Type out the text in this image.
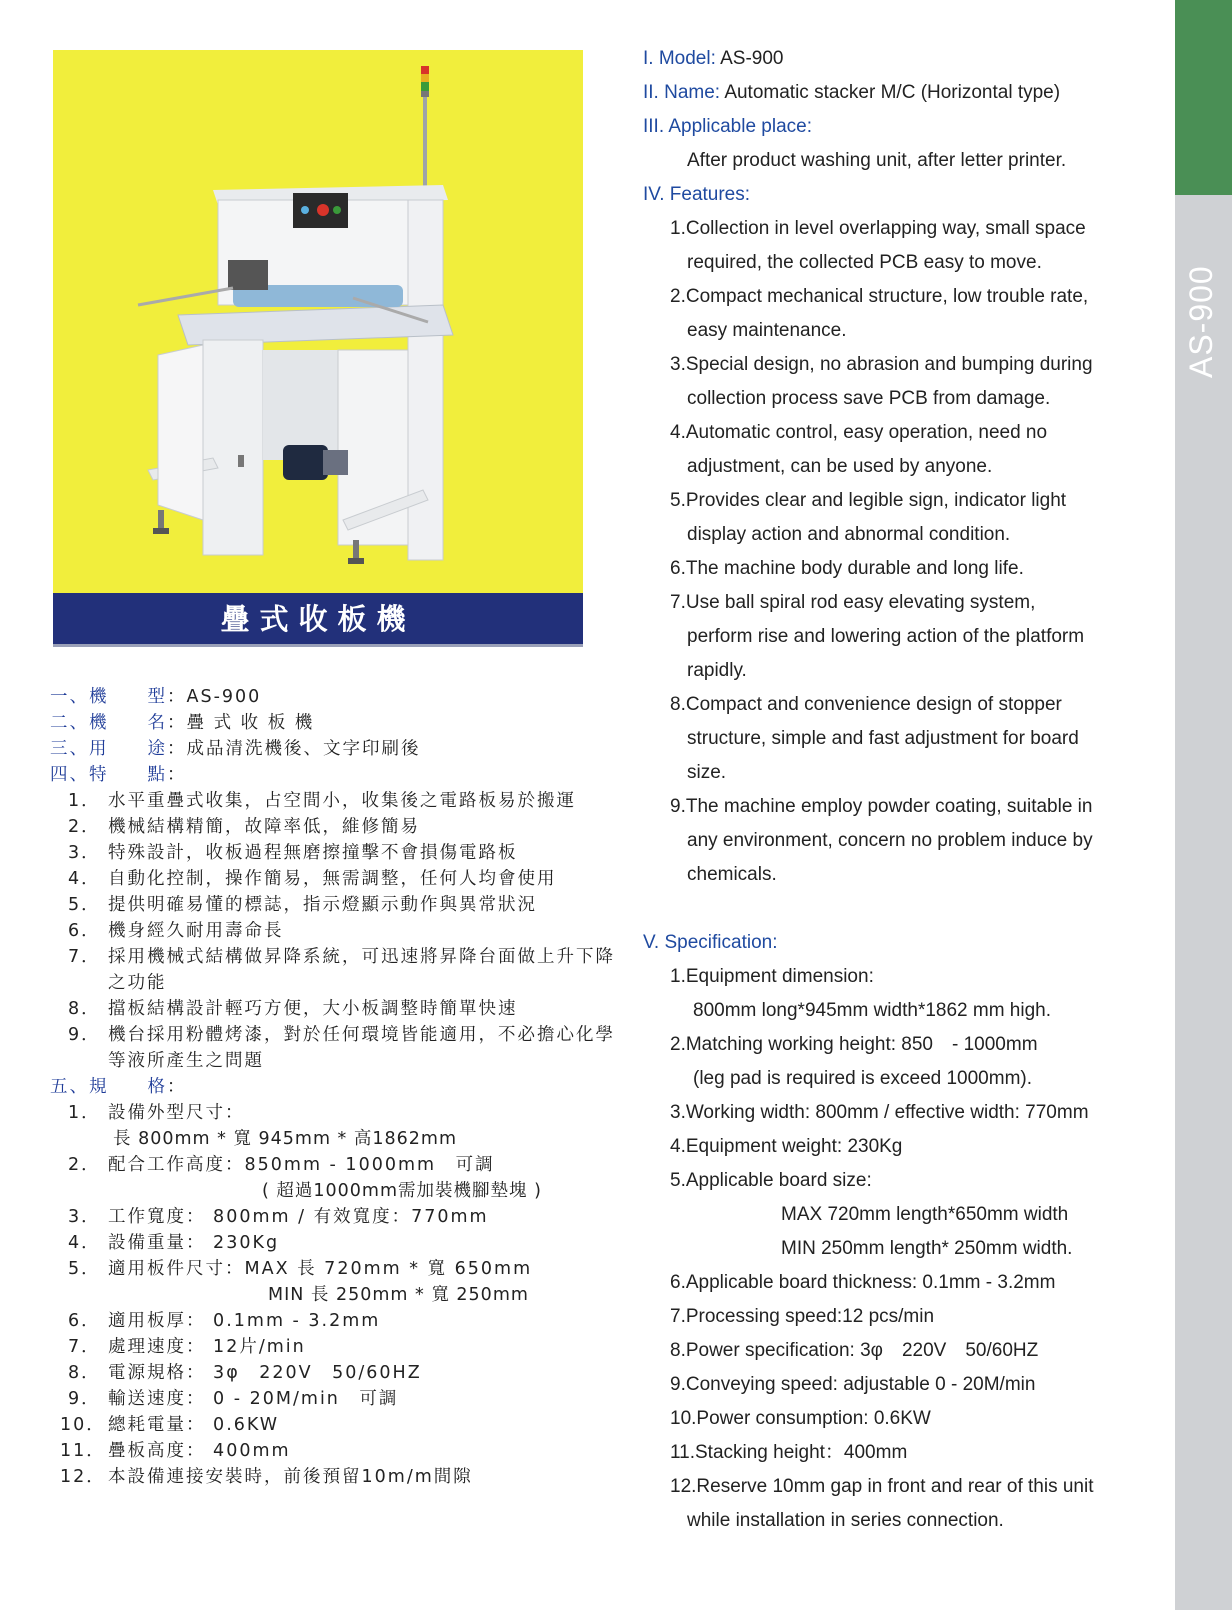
AS-900
疊式收板機
一、機　　型：AS-900
二、機　　名：疊 式 收 板 機
三、用　　途：成品清洗機後、文字印刷後
四、特　　點：
1． 水平重疊式收集，占空間小，收集後之電路板易於搬運
2． 機械結構精簡，故障率低，維修簡易
3． 特殊設計，收板過程無磨擦撞擊不會損傷電路板
4． 自動化控制，操作簡易，無需調整，任何人均會使用
5． 提供明確易懂的標誌，指示燈顯示動作與異常狀況
6． 機身經久耐用壽命長
7． 採用機械式結構做昇降系統，可迅速將昇降台面做上升下降之功能
8． 擋板結構設計輕巧方便，大小板調整時簡單快速
9． 機台採用粉體烤漆，對於任何環境皆能適用，不必擔心化學等液所產生之問題
五、規　　格：
1． 設備外型尺寸：
長 800mm * 寬 945mm * 高1862mm
2． 配合工作高度：850mm - 1000mm　可調
( 超過1000mm需加裝機腳墊塊 )
3． 工作寬度： 800mm / 有效寬度：770mm
4． 設備重量： 230Kg
5． 適用板件尺寸：MAX 長 720mm * 寬 650mm
MIN 長 250mm * 寬 250mm
6． 適用板厚： 0.1mm - 3.2mm
7． 處理速度： 12片/min
8． 電源規格： 3φ　220V　50/60HZ
9． 輸送速度： 0 - 20M/min　可調
10． 總耗電量： 0.6KW
11． 疊板高度： 400mm
12． 本設備連接安裝時，前後預留10m/m間隙
I. Model: AS-900
II. Name: Automatic stacker M/C (Horizontal type)
III. Applicable place:
After product washing unit, after letter printer.
IV. Features:
1.Collection in level overlapping way, small space
required, the collected PCB easy to move.
2.Compact mechanical structure, low trouble rate,
easy maintenance.
3.Special design, no abrasion and bumping during
collection process save PCB from damage.
4.Automatic control, easy operation, need no
adjustment, can be used by anyone.
5.Provides clear and legible sign, indicator light
display action and abnormal condition.
6.The machine body durable and long life.
7.Use ball spiral rod easy elevating system,
perform rise and lowering action of the platform
rapidly.
8.Compact and convenience design of stopper
structure, simple and fast adjustment for board
size.
9.The machine employ powder coating, suitable in
any environment, concern no problem induce by
chemicals.
V. Specification:
1.Equipment dimension:
800mm long*945mm width*1862 mm high.
2.Matching working height: 850　- 1000mm
(leg pad is required is exceed 1000mm).
3.Working width: 800mm / effective width: 770mm
4.Equipment weight: 230Kg
5.Applicable board size:
MAX 720mm length*650mm width
MIN 250mm length* 250mm width.
6.Applicable board thickness: 0.1mm - 3.2mm
7.Processing speed:12 pcs/min
8.Power specification: 3φ　220V　50/60HZ
9.Conveying speed: adjustable 0 - 20M/min
10.Power consumption: 0.6KW
11.Stacking height：400mm
12.Reserve 10mm gap in front and rear of this unit
while installation in series connection.
